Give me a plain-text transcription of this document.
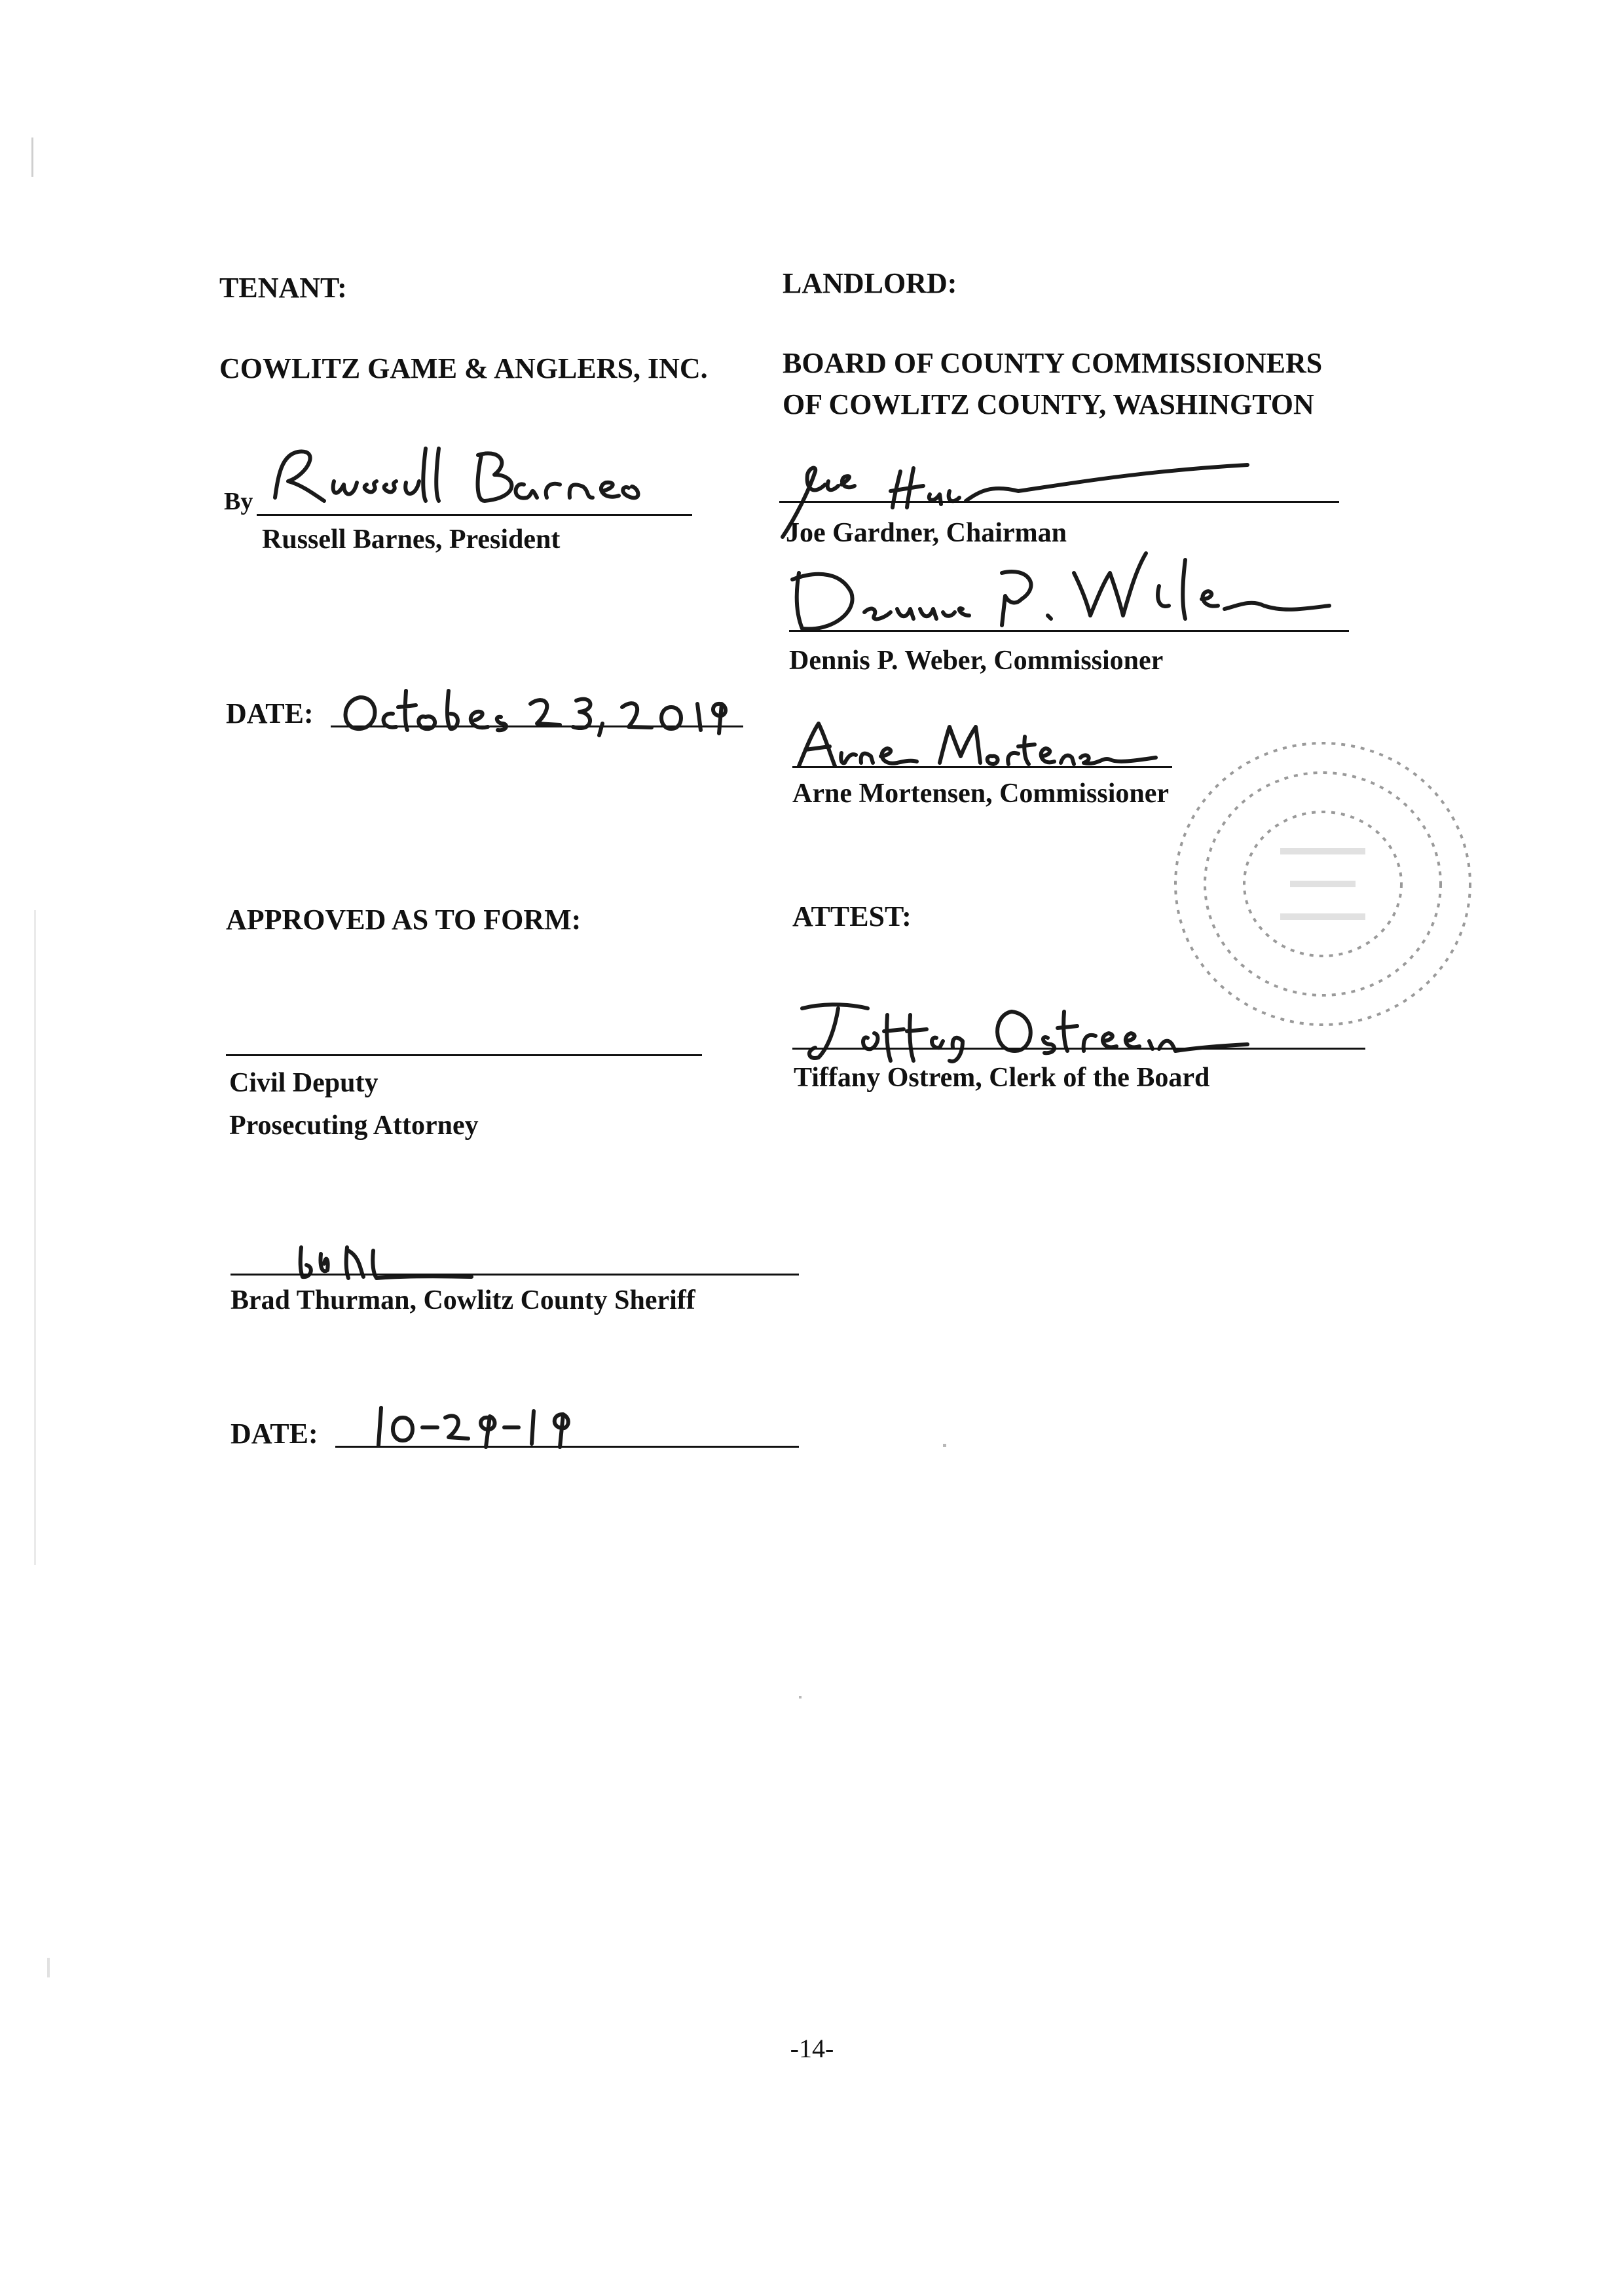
TENANT:
COWLITZ GAME & ANGLERS, INC.
By
Russell Barnes, President
DATE:
APPROVED AS TO FORM:
Civil Deputy
Prosecuting Attorney
Brad Thurman, Cowlitz County Sheriff
DATE:
LANDLORD:
BOARD OF COUNTY COMMISSIONERS
OF COWLITZ COUNTY, WASHINGTON
Joe Gardner, Chairman
Dennis P. Weber, Commissioner
Arne Mortensen, Commissioner
ATTEST:
Tiffany Ostrem, Clerk of the Board
-14-
